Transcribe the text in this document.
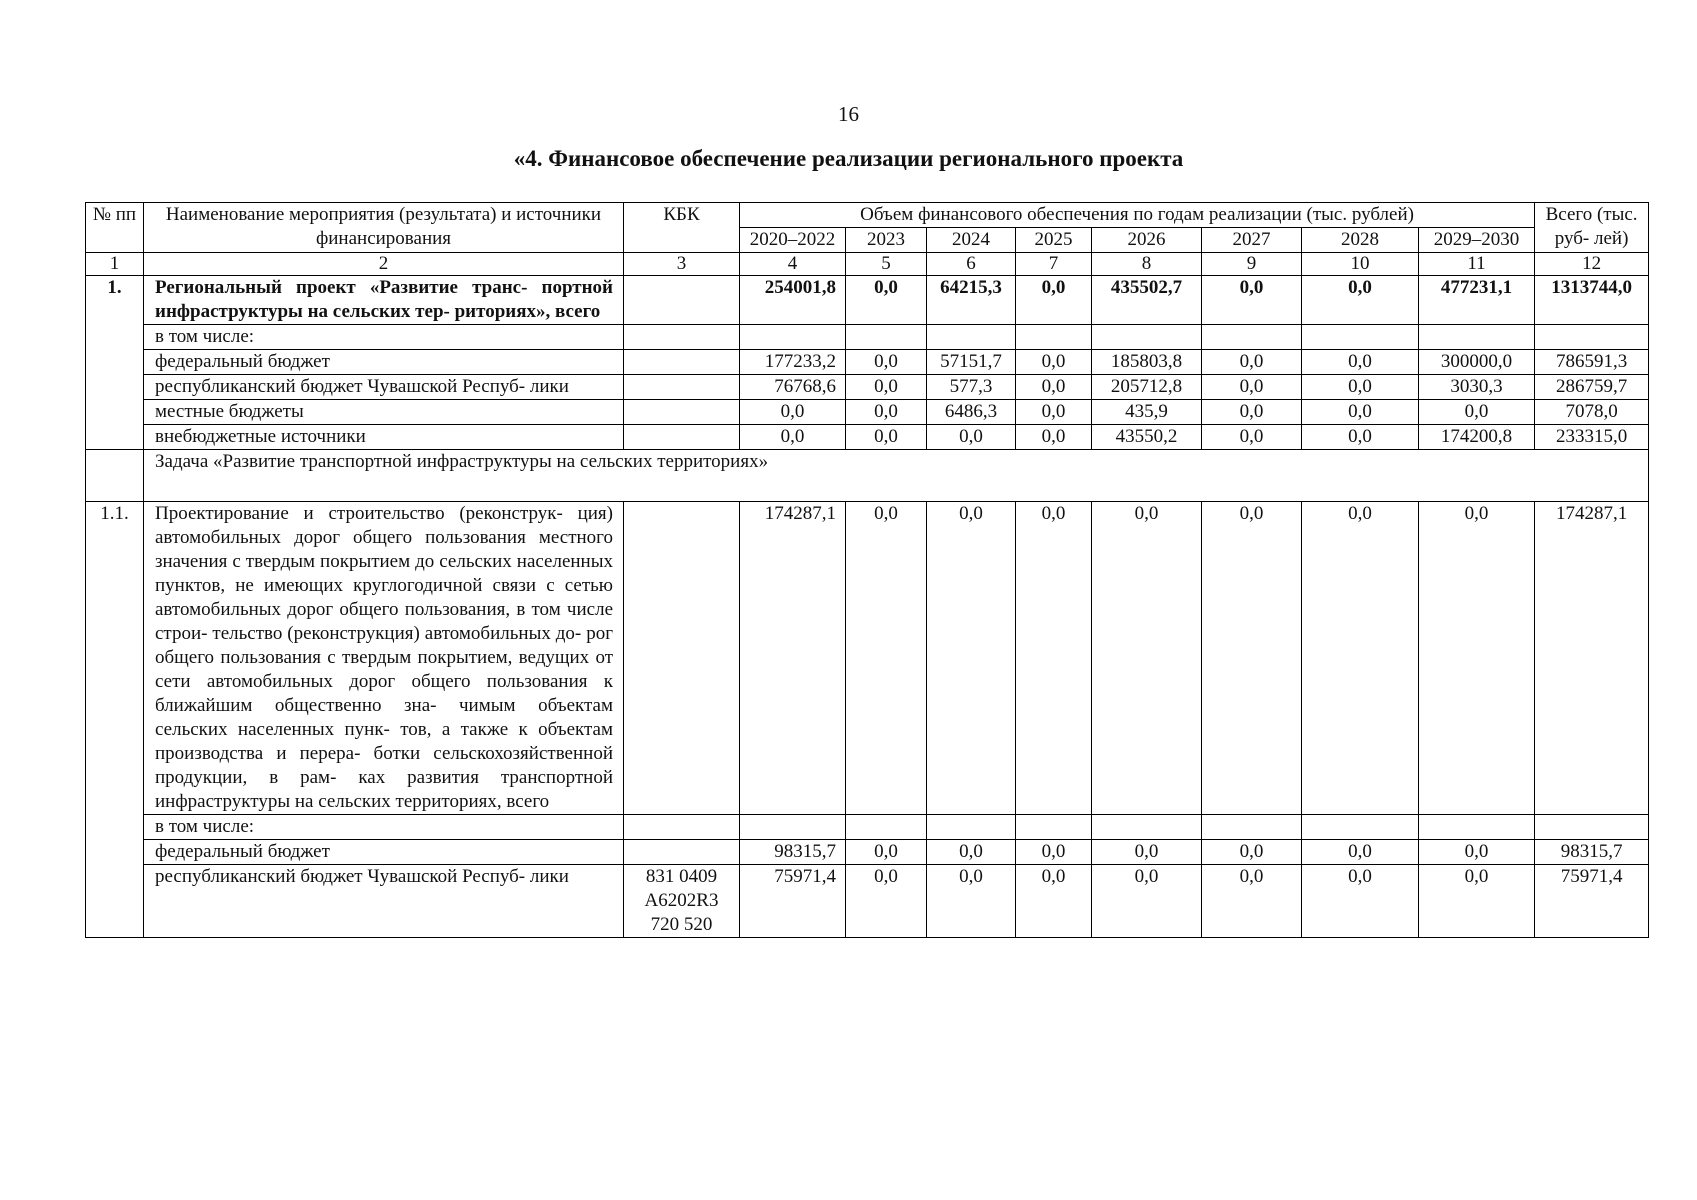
16
«4. Финансовое обеспечение реализации регионального проекта
№ пп	Наименование мероприятия (результата) и источники финансирования	КБК	Объем финансового обеспечения по годам реализации (тыс. рублей)								Всего (тыс. руб- лей)
			2020–2022	2023	2024	2025	2026	2027	2028	2029–2030	
1	2	3	4	5	6	7	8	9	10	11	12
1.	Региональный проект «Развитие транс- портной инфраструктуры на сельских тер- риториях», всего		254001,8	0,0	64215,3	0,0	435502,7	0,0	0,0	477231,1	1313744,0
	в том числе:										
	федеральный бюджет		177233,2	0,0	57151,7	0,0	185803,8	0,0	0,0	300000,0	786591,3
	республиканский бюджет Чувашской Респуб- лики		76768,6	0,0	577,3	0,0	205712,8	0,0	0,0	3030,3	286759,7
	местные бюджеты		0,0	0,0	6486,3	0,0	435,9	0,0	0,0	0,0	7078,0
	внебюджетные источники		0,0	0,0	0,0	0,0	43550,2	0,0	0,0	174200,8	233315,0
	Задача «Развитие транспортной инфраструктуры на сельских территориях»										
1.1.	Проектирование и строительство (реконструк- ция) автомобильных дорог общего пользования местного значения с твердым покрытием до сельских населенных пунктов, не имеющих круглогодичной связи с сетью автомобильных дорог общего пользования, в том числе строи- тельство (реконструкция) автомобильных до- рог общего пользования с твердым покрытием, ведущих от сети автомобильных дорог общего пользования к ближайшим общественно зна- чимым объектам сельских населенных пунк- тов, а также к объектам производства и перера- ботки сельскохозяйственной продукции, в рам- ках развития транспортной инфраструктуры на сельских территориях, всего		174287,1	0,0	0,0	0,0	0,0	0,0	0,0	0,0	174287,1
	в том числе:										
	федеральный бюджет		98315,7	0,0	0,0	0,0	0,0	0,0	0,0	0,0	98315,7
	республиканский бюджет Чувашской Респуб- лики	831 0409 А6202R3 720 520	75971,4	0,0	0,0	0,0	0,0	0,0	0,0	0,0	75971,4
